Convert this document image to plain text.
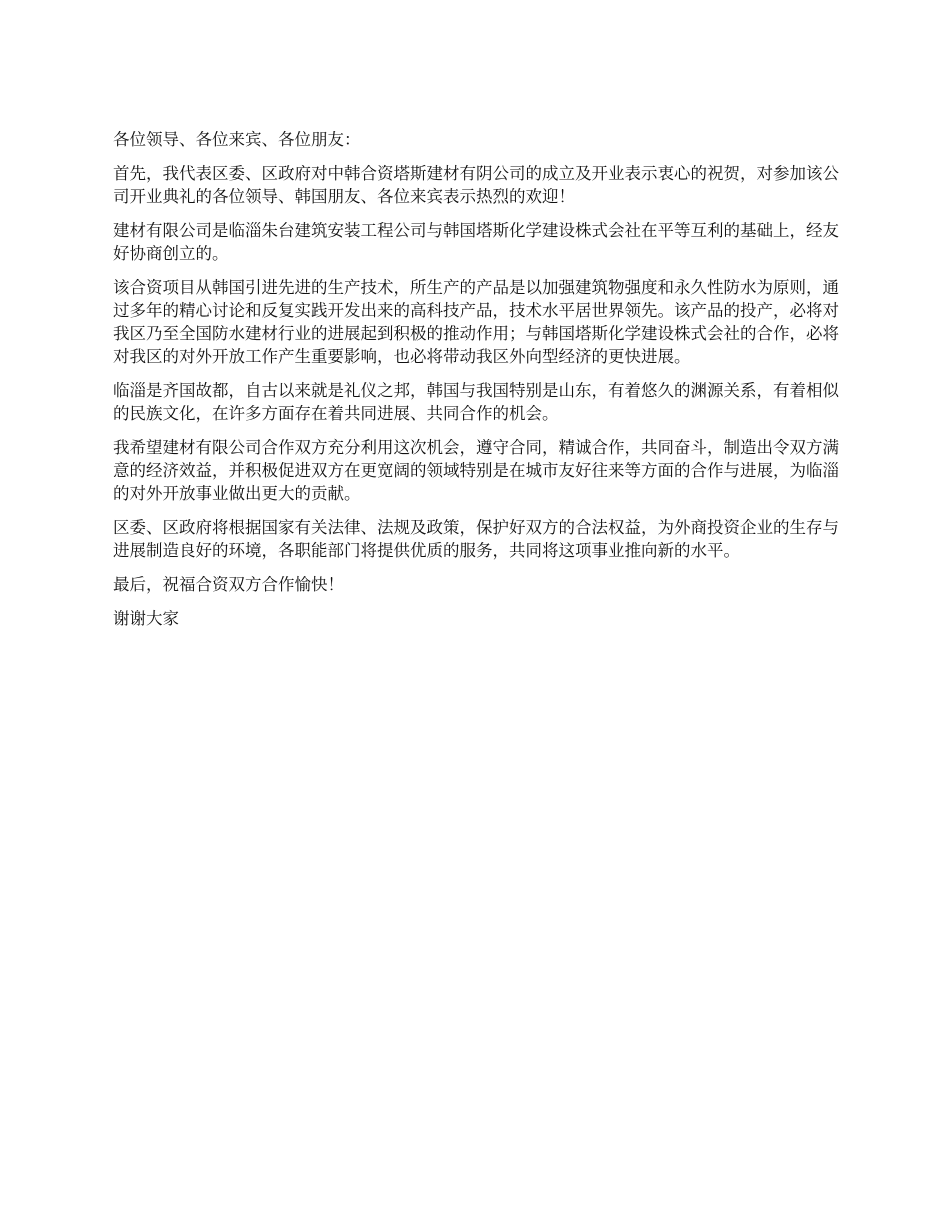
各位领导、各位来宾、各位朋友：

首先，我代表区委、区政府对中韩合资塔斯建材有阴公司的成立及开业表示衷心的祝贺，对参加该公司开业典礼的各位领导、韩国朋友、各位来宾表示热烈的欢迎！

建材有限公司是临淄朱台建筑安装工程公司与韩国塔斯化学建设株式会社在平等互利的基础上，经友好协商创立的。

该合资项目从韩国引进先进的生产技术，所生产的产品是以加强建筑物强度和永久性防水为原则，通过多年的精心讨论和反复实践开发出来的高科技产品，技术水平居世界领先。该产品的投产，必将对我区乃至全国防水建材行业的进展起到积极的推动作用；与韩国塔斯化学建设株式会社的合作，必将对我区的对外开放工作产生重要影响，也必将带动我区外向型经济的更快进展。

临淄是齐国故都，自古以来就是礼仪之邦，韩国与我国特别是山东，有着悠久的渊源关系，有着相似的民族文化，在许多方面存在着共同进展、共同合作的机会。

我希望建材有限公司合作双方充分利用这次机会，遵守合同，精诚合作，共同奋斗，制造出令双方满意的经济效益，并积极促进双方在更宽阔的领域特别是在城市友好往来等方面的合作与进展，为临淄的对外开放事业做出更大的贡献。

区委、区政府将根据国家有关法律、法规及政策，保护好双方的合法权益，为外商投资企业的生存与进展制造良好的环境，各职能部门将提供优质的服务，共同将这项事业推向新的水平。

最后，祝福合资双方合作愉快！

谢谢大家
